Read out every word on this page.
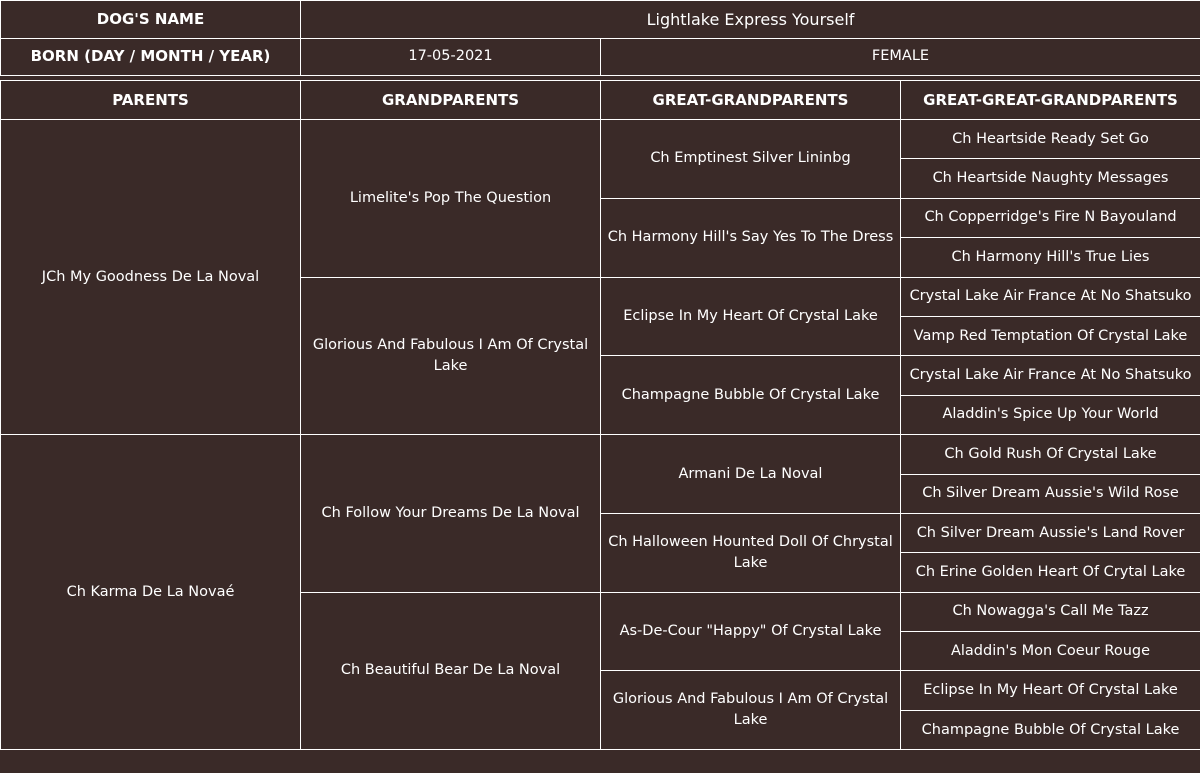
DOG'S NAME	Lightlake Express Yourself		
BORN (DAY / MONTH / YEAR)	17-05-2021	FEMALE	

PARENTS	GRANDPARENTS	GREAT-GRANDPARENTS	GREAT-GREAT-GRANDPARENTS
JCh My Goodness De La Noval	Limelite's Pop The Question	Ch Emptinest Silver Lininbg	Ch Heartside Ready Set Go
			Ch Heartside Naughty Messages
		Ch Harmony Hill's Say Yes To The Dress	Ch Copperridge's Fire N Bayouland
			Ch Harmony Hill's True Lies
	Glorious And Fabulous I Am Of Crystal Lake	Eclipse In My Heart Of Crystal Lake	Crystal Lake Air France At No Shatsuko
			Vamp Red Temptation Of Crystal Lake
		Champagne Bubble Of Crystal Lake	Crystal Lake Air France At No Shatsuko
			Aladdin's Spice Up Your World
Ch Karma De La Novaé	Ch Follow Your Dreams De La Noval	Armani De La Noval	Ch Gold Rush Of Crystal Lake
			Ch Silver Dream Aussie's Wild Rose
		Ch Halloween Hounted Doll Of Chrystal Lake	Ch Silver Dream Aussie's Land Rover
			Ch Erine Golden Heart Of Crytal Lake
	Ch Beautiful Bear De La Noval	As-De-Cour "Happy" Of Crystal Lake	Ch Nowagga's Call Me Tazz
			Aladdin's Mon Coeur Rouge
		Glorious And Fabulous I Am Of Crystal Lake	Eclipse In My Heart Of Crystal Lake
			Champagne Bubble Of Crystal Lake
